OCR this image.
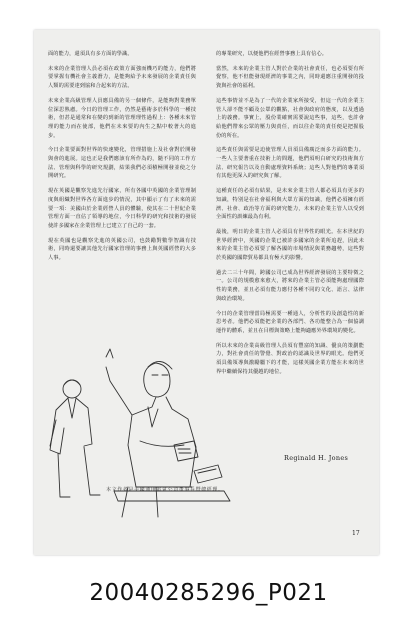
面的能力，還須具有多方面的學識。

未來的企業管理人員必須在政策方面強而機巧的能力，他們將要掌握有機社會主義潛力，是能夠給予未來發展的企業責任與人類的需要達到協和合起來的方法。

未來企業高級管理人員應具備的另一個條件，是能夠對業務單位深思熟慮。今日的管理工作，仍然是藝術多於科學的一種技術，但甚是通常和在變的到新的管理理性過程上：各種未來管理的能力而在使部，他們在未來要的內生之點中較著大的進步。

今日企業要面對世界的快速變化，管理措施上及社會對於開發與會的進展。這也正是我們應該有所作為的，隨不同的工作方法、管理與科學的研究規劃，結果我們必須積極開發並使之分開研究。

現在英國是觀察先進先行國家，所有各國中英國的企業管理制度與組織對世界各方面進步的情況，其中顯示了有了未來的需要一項：美國由於企業經營人員的體驗，使其在二十世紀企業管理方面一直佔了領導的地位，今日科學的研究和技術的發展使許多國家在企業管理上已建立了自己的一套。

現在英國也是觀察先進的英國公司，也鼓勵對數學智識有技術，同時還要讓其他先行國家管理的事務上與英國經營的大多人事。

的專業研究，以便他們在經營事務上具有信心。

當然，未來的企業主管人對於企業的社會責任，也必須要有所覺察，他不但能發現經濟的事業之內，同時還應注重開發的投資與社會的福利。

這些事情並不是為了一代的企業家所接受，但這一代的企業主管人卻不能不顧及公眾的觀點，社會與政府的態度，以及透過上的義務。事實上，股份業確實需要說這些事，這些，也許會給他們帶來公眾的壓力與責任，而以往企業的責任便是把握股份的所在。

這些責任與需要是迫使管理人員須具備廣泛而多方面的能力。一些人主要著重在技術上的問題，他們須明白研究的技術與方法、研究報告以及自動處理資料系統；這些人對他們的專業須有其他更深入的研究與了解。

這種責任的必須有結果，是未來企業主管人都必須具有更多的知識，特別是在社會福利與大眾方面的知識，他們必須擁有經濟、社會、政治等方面的研究能力，未來的企業主管人以受到全面性的訓練最為有利。

最後，明日的企業主管人必須具有世界性的眼光。在本世紀的世界經濟中，英國的企業已被許多國家的企業所追趕，因此未來的企業主管必須要了解各國的市場情況與業務趨勢，這些對於英國的國際貿易都具有極大的影響。

過去二三十年間，跨國公司已成為世界經濟發展的主要特徵之一。公司的規模愈來愈大，將來的企業主管必須能夠處理國際性的業務，並且必須有能力應付各種不同的文化、語言、法律與政治環境。

今日的企業管理當局極需要一種通人，分析性的及創造性的新思考者。他們必須能把企業的各部門、各功能整合為一個協調運作的體系，並且在目標與策略上能夠適應外界環境的變化。

所以未來的企業高級管理人員須有豐富的知識、優良的策劃能力，對社會責任的警覺、對政治的認識及世界的眼光。他們更須具備領導與激勵屬下的才能，這樣英國企業方能在未來的世界中繼續保持其優越的地位。

Reginald H. Jones
本文作者是美國通用電氣公司董事長暨總經理。
17
20040285296_P021
